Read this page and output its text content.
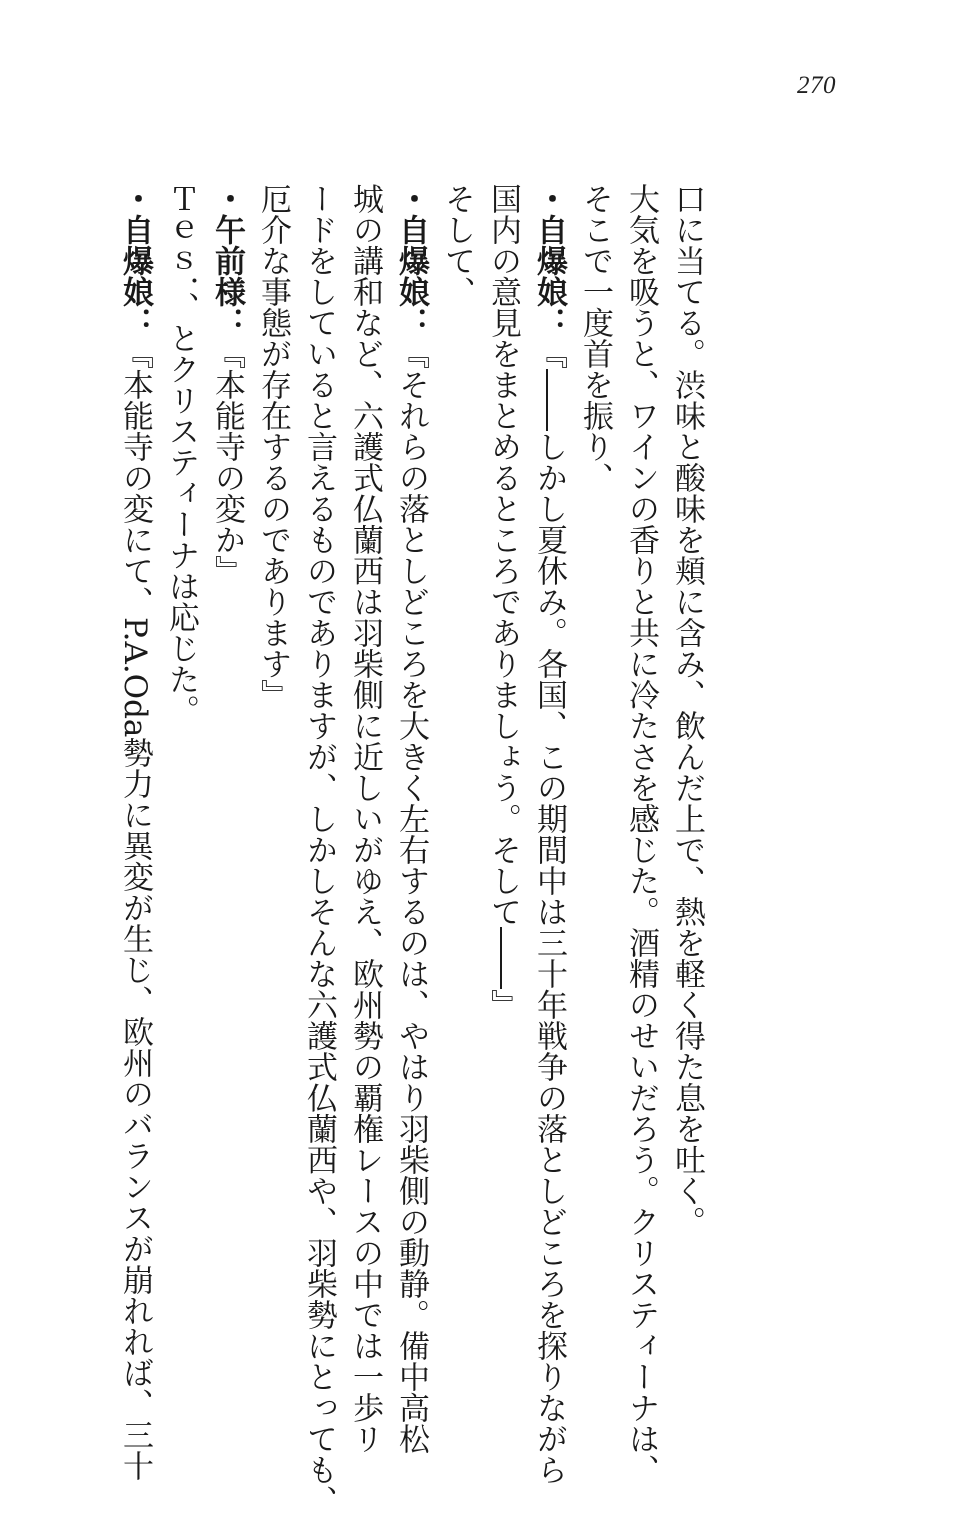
270
口に当てる。渋味と酸味を頬に含み、飲んだ上で、熱を軽く得た息を吐く。
大気を吸うと、ワインの香りと共に冷たさを感じた。酒精のせいだろう。クリスティーナは、
そこで一度首を振り、
・自爆娘：『――しかし夏休み。各国、この期間中は三十年戦争の落としどころを探りながら
国内の意見をまとめるところでありましょう。そして――』
そして、
・自爆娘：『それらの落としどころを大きく左右するのは、やはり羽柴側の動静。備中高松
城の講和など、六護式仏蘭西は羽柴側に近しいがゆえ、欧州勢の覇権レースの中では一歩リ
ードをしていると言えるものでありますが、しかしそんな六護式仏蘭西や、羽柴勢にとっても、
厄介な事態が存在するのであります』
・午前様：『本能寺の変か』
Ｔｅｓ．、とクリスティーナは応じた。
・自爆娘：『本能寺の変にて、P.A.Oda勢力に異変が生じ、欧州のバランスが崩れれば、三十
